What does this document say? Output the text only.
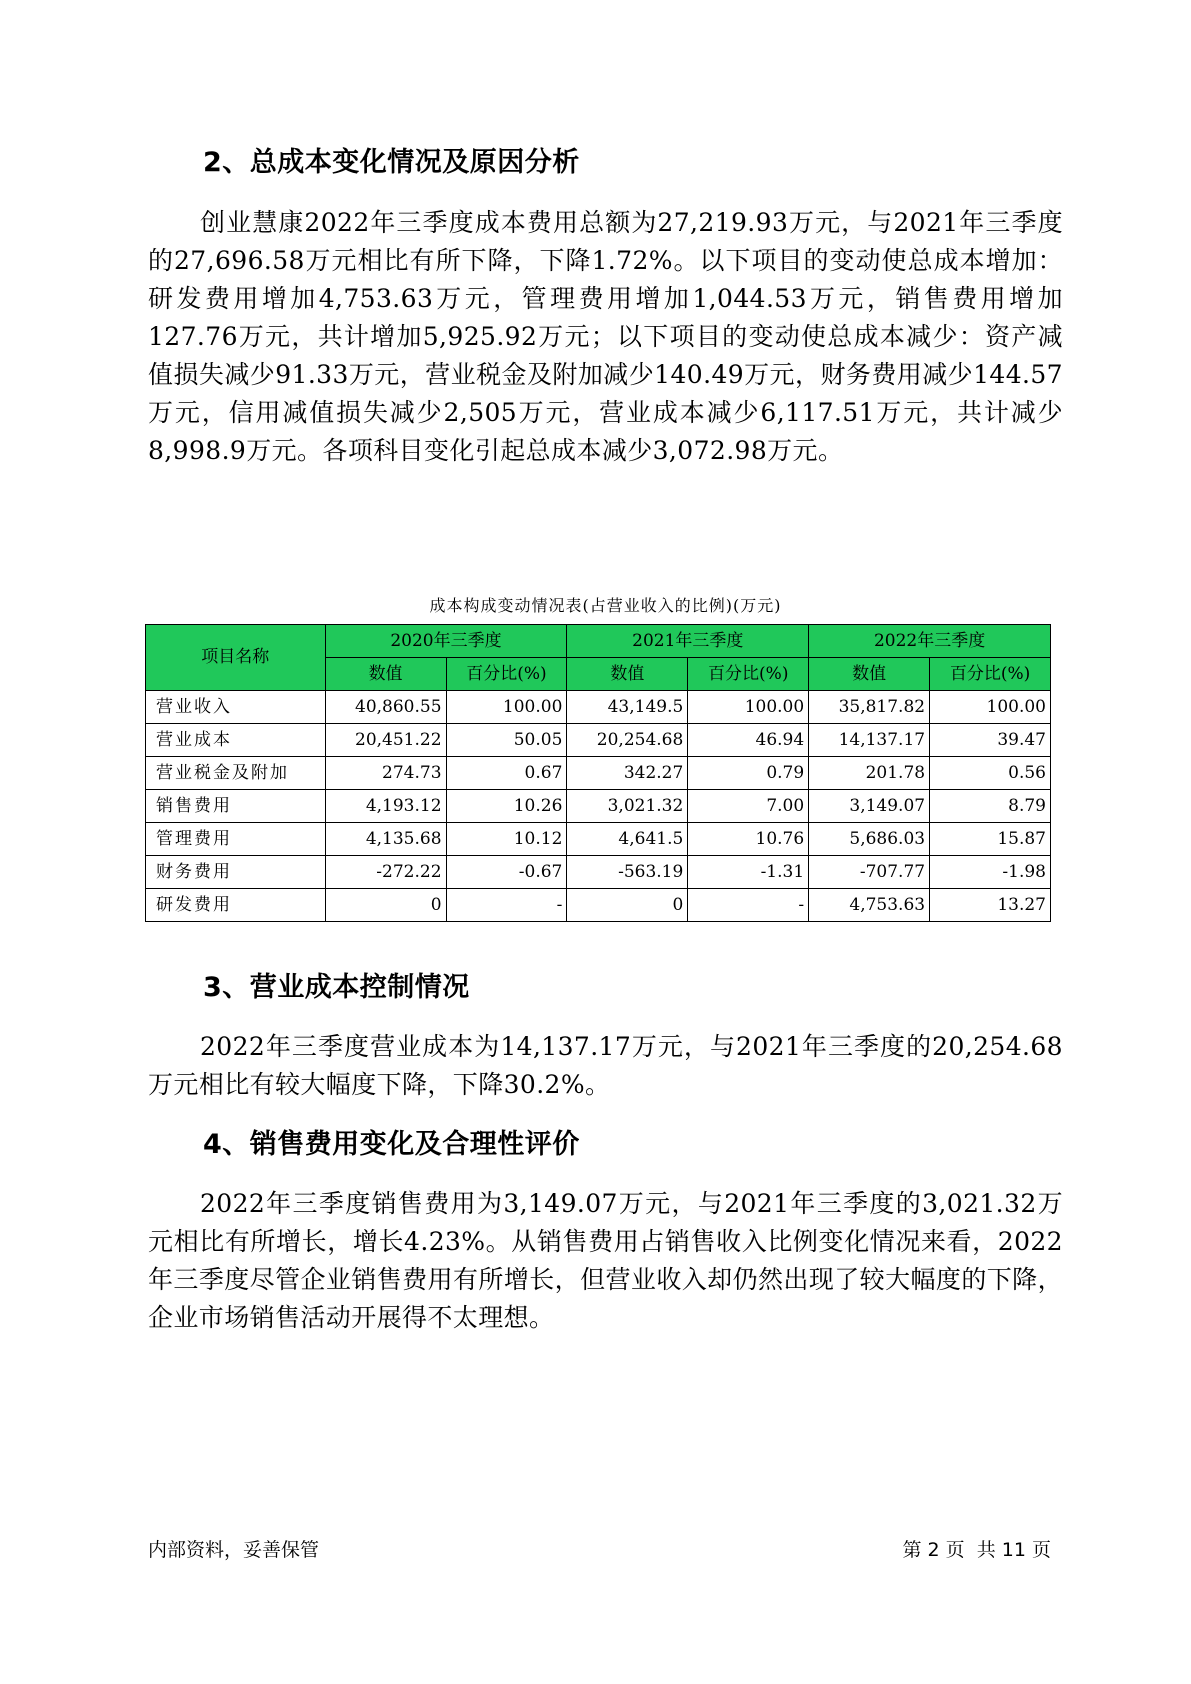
2、总成本变化情况及原因分析

创业慧康2022年三季度成本费用总额为27,219.93万元，与2021年三季度的27,696.58万元相比有所下降，下降1.72%。以下项目的变动使总成本增加：研发费用增加4,753.63万元，管理费用增加1,044.53万元，销售费用增加127.76万元，共计增加5,925.92万元；以下项目的变动使总成本减少：资产减值损失减少91.33万元，营业税金及附加减少140.49万元，财务费用减少144.57万元，信用减值损失减少2,505万元，营业成本减少6,117.51万元，共计减少8,998.9万元。各项科目变化引起总成本减少3,072.98万元。

成本构成变动情况表(占营业收入的比例)(万元)

项目名称	2020年三季度		2021年三季度		2022年三季度	
	数值	百分比(%)	数值	百分比(%)	数值	百分比(%)
营业收入	40,860.55	100.00	43,149.5	100.00	35,817.82	100.00
营业成本	20,451.22	50.05	20,254.68	46.94	14,137.17	39.47
营业税金及附加	274.73	0.67	342.27	0.79	201.78	0.56
销售费用	4,193.12	10.26	3,021.32	7.00	3,149.07	8.79
管理费用	4,135.68	10.12	4,641.5	10.76	5,686.03	15.87
财务费用	-272.22	-0.67	-563.19	-1.31	-707.77	-1.98
研发费用	0	-	0	-	4,753.63	13.27
3、营业成本控制情况

2022年三季度营业成本为14,137.17万元，与2021年三季度的20,254.68万元相比有较大幅度下降，下降30.2%。

4、销售费用变化及合理性评价

2022年三季度销售费用为3,149.07万元，与2021年三季度的3,021.32万元相比有所增长，增长4.23%。从销售费用占销售收入比例变化情况来看，2022年三季度尽管企业销售费用有所增长，但营业收入却仍然出现了较大幅度的下降，企业市场销售活动开展得不太理想。

内部资料，妥善保管	第 2 页  共 11 页
